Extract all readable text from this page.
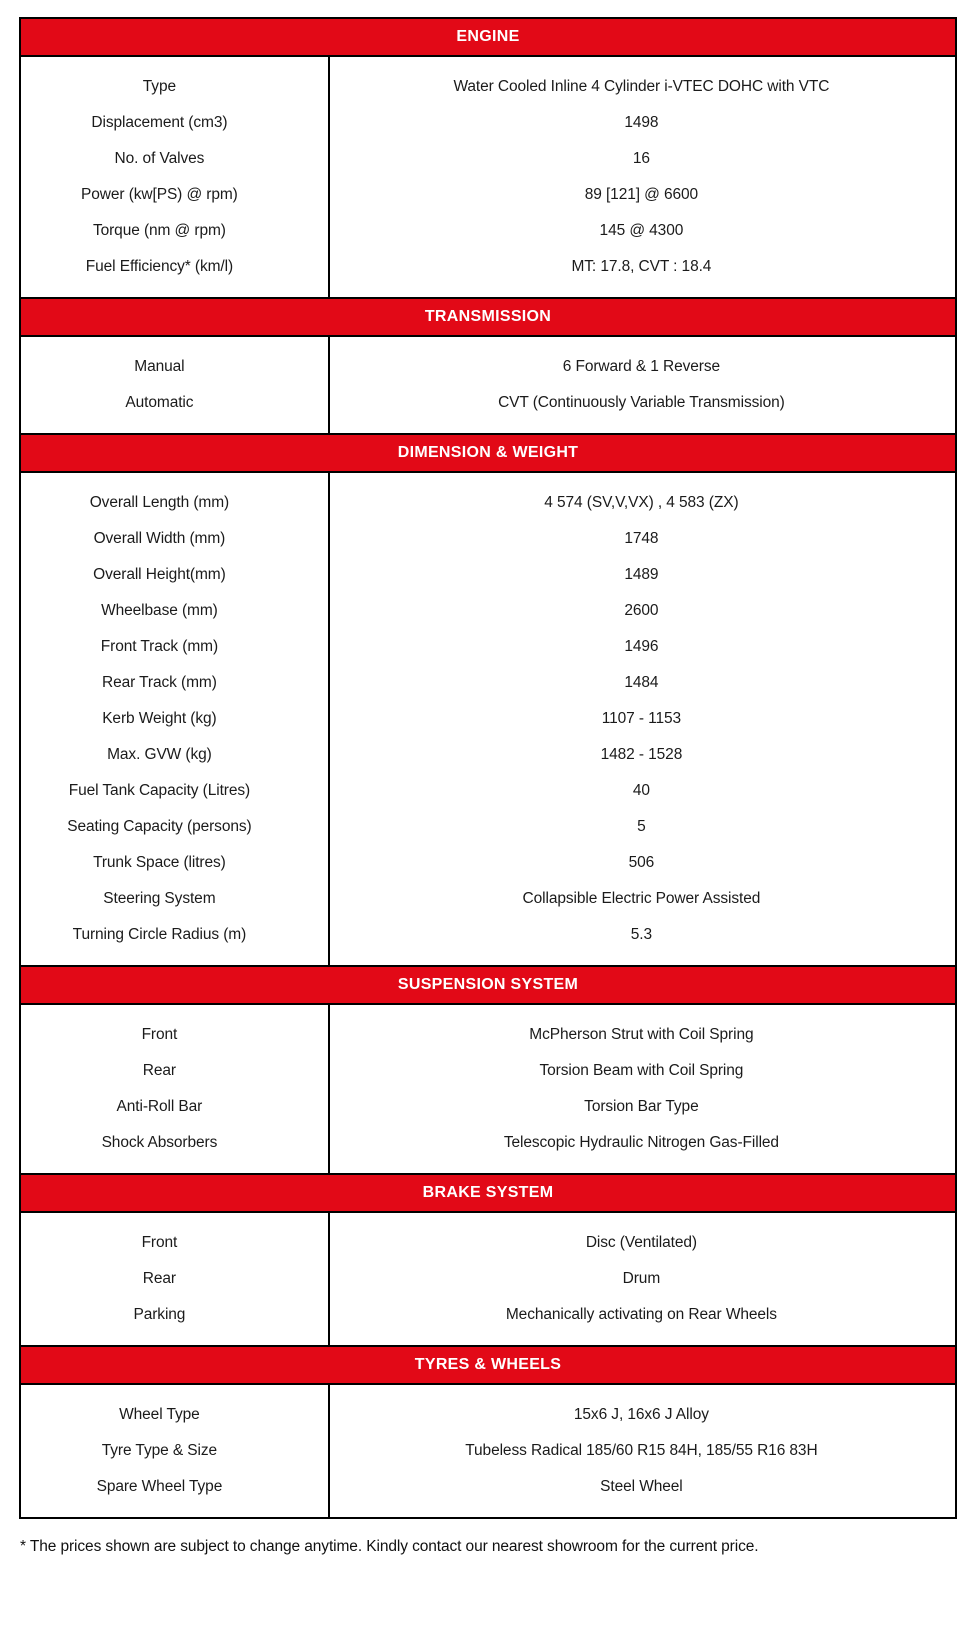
ENGINE
Type	Water Cooled Inline 4 Cylinder i-VTEC DOHC with VTC
Displacement (cm3)	1498
No. of Valves	16
Power (kw[PS) @ rpm)	89 [121] @ 6600
Torque (nm @ rpm)	145 @ 4300
Fuel Efficiency* (km/l)	MT: 17.8, CVT : 18.4
TRANSMISSION
Manual	6 Forward & 1 Reverse
Automatic	CVT (Continuously Variable Transmission)
DIMENSION & WEIGHT
Overall Length (mm)	4 574 (SV,V,VX) , 4 583 (ZX)
Overall Width (mm)	1748
Overall Height(mm)	1489
Wheelbase (mm)	2600
Front Track (mm)	1496
Rear Track (mm)	1484
Kerb Weight (kg)	1107 - 1153
Max. GVW (kg)	1482 - 1528
Fuel Tank Capacity (Litres)	40
Seating Capacity (persons)	5
Trunk Space (litres)	506
Steering System	Collapsible Electric Power Assisted
Turning Circle Radius (m)	5.3
SUSPENSION SYSTEM
Front	McPherson Strut with Coil Spring
Rear	Torsion Beam with Coil Spring
Anti-Roll Bar	Torsion Bar Type
Shock Absorbers	Telescopic Hydraulic Nitrogen Gas-Filled
BRAKE SYSTEM
Front	Disc (Ventilated)
Rear	Drum
Parking	Mechanically activating on Rear Wheels
TYRES & WHEELS
Wheel Type	15x6 J, 16x6 J Alloy
Tyre Type & Size	Tubeless Radical 185/60 R15 84H, 185/55 R16 83H
Spare Wheel Type	Steel Wheel

* The prices shown are subject to change anytime. Kindly contact our nearest showroom for the current price.
